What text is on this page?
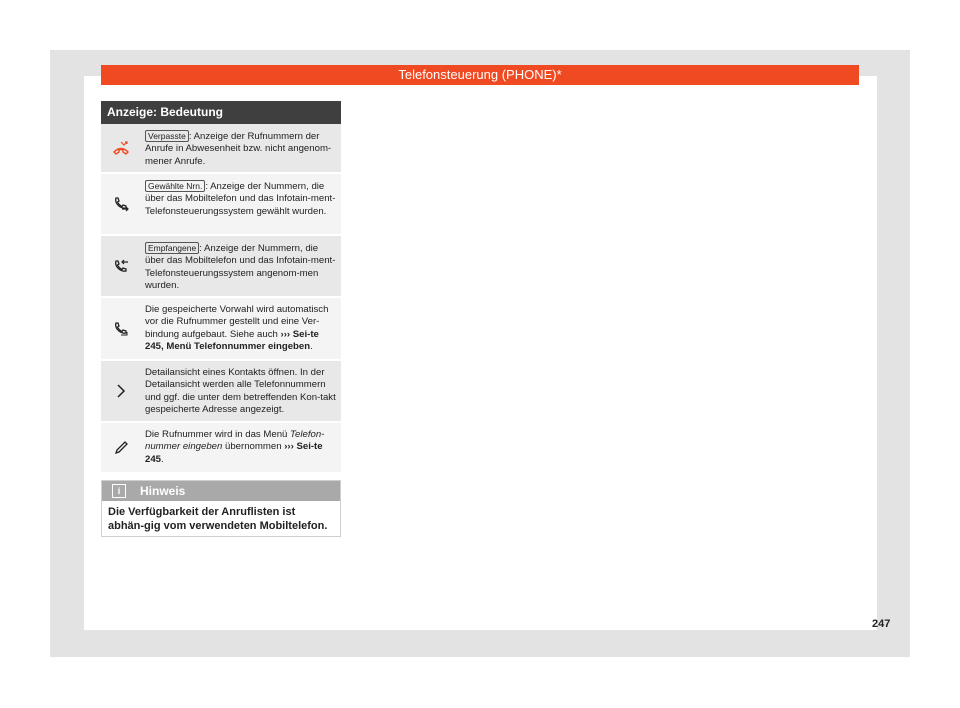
Telefonsteuerung (PHONE)*
Anzeige: Bedeutung
Verpasste : Anzeige der Rufnummern der Anrufe in Abwesenheit bzw. nicht angenom-mener Anrufe.
Gewählte Nrn. : Anzeige der Nummern, die über das Mobiltelefon und das Infotain-ment-Telefonsteuerungssystem gewählt wurden.
Empfangene : Anzeige der Nummern, die über das Mobiltelefon und das Infotain-ment-Telefonsteuerungssystem angenom-men wurden.
Die gespeicherte Vorwahl wird automatisch vor die Rufnummer gestellt und eine Ver-bindung aufgebaut. Siehe auch ››› Sei-te 245, Menü Telefonnummer eingeben.
Detailansicht eines Kontakts öffnen. In der Detailansicht werden alle Telefonnummern und ggf. die unter dem betreffenden Kon-takt gespeicherte Adresse angezeigt.
Die Rufnummer wird in das Menü Telefon-nummer eingeben übernommen ››› Sei-te 245.
i	Hinweis
Die Verfügbarkeit der Anruflisten ist abhän-gig vom verwendeten Mobiltelefon.
247
